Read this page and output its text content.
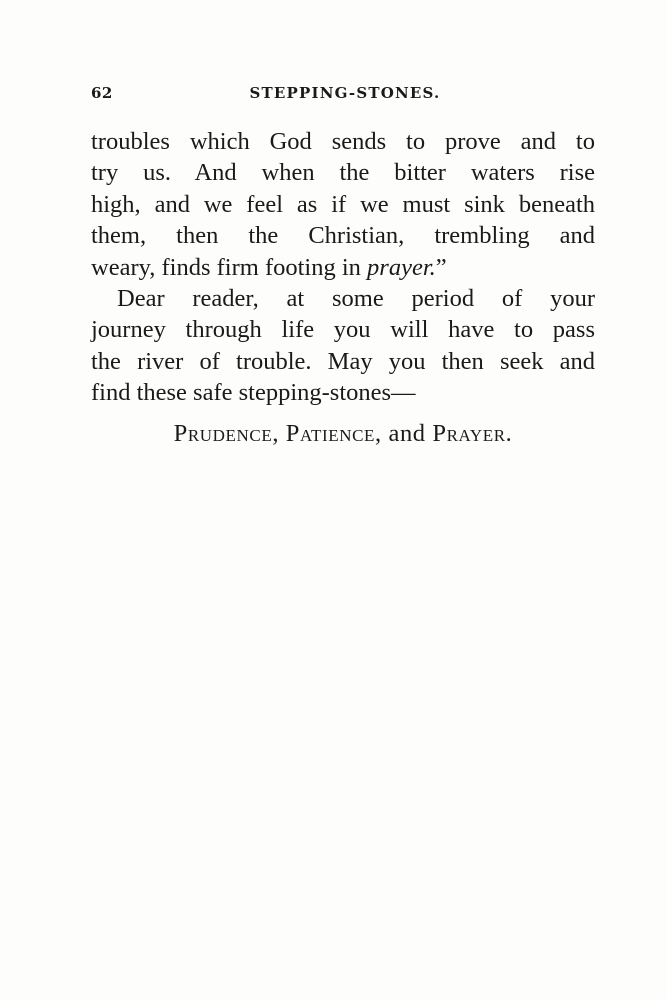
62	STEPPING-STONES.
troubles which God sends to prove and to
try us. And when the bitter waters rise
high, and we feel as if we must sink beneath
them, then the Christian, trembling and
weary, finds firm footing in prayer.”
Dear reader, at some period of your
journey through life you will have to pass
the river of trouble. May you then seek and
find these safe stepping-stones—
Prudence, Patience, and Prayer.
